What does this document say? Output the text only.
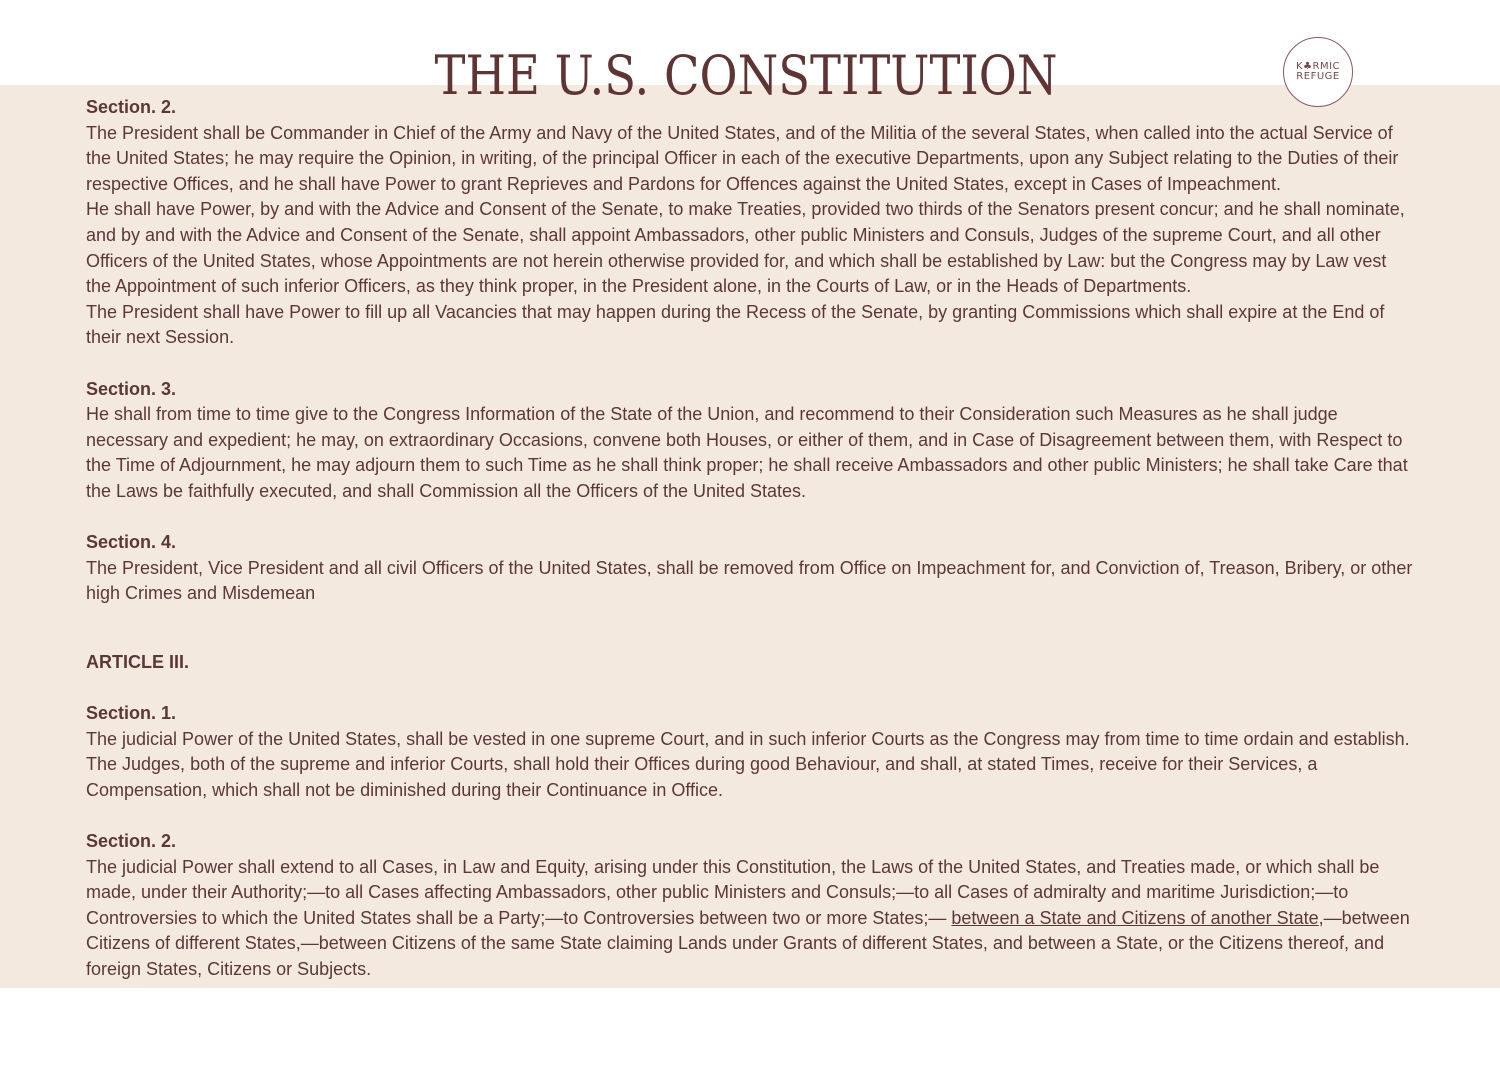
THE U.S. CONSTITUTION	K♣RMIC
REFUGE

Section. 2.

The President shall be Commander in Chief of the Army and Navy of the United States, and of the Militia of the several States, when called into the actual Service of the United States; he may require the Opinion, in writing, of the principal Officer in each of the executive Departments, upon any Subject relating to the Duties of their respective Offices, and he shall have Power to grant Reprieves and Pardons for Offences against the United States, except in Cases of Impeachment.

He shall have Power, by and with the Advice and Consent of the Senate, to make Treaties, provided two thirds of the Senators present concur; and he shall nominate, and by and with the Advice and Consent of the Senate, shall appoint Ambassadors, other public Ministers and Consuls, Judges of the supreme Court, and all other Officers of the United States, whose Appointments are not herein otherwise provided for, and which shall be established by Law: but the Congress may by Law vest the Appointment of such inferior Officers, as they think proper, in the President alone, in the Courts of Law, or in the Heads of Departments.

The President shall have Power to fill up all Vacancies that may happen during the Recess of the Senate, by granting Commissions which shall expire at the End of their next Session.

Section. 3.

He shall from time to time give to the Congress Information of the State of the Union, and recommend to their Consideration such Measures as he shall judge necessary and expedient; he may, on extraordinary Occasions, convene both Houses, or either of them, and in Case of Disagreement between them, with Respect to the Time of Adjournment, he may adjourn them to such Time as he shall think proper; he shall receive Ambassadors and other public Ministers; he shall take Care that the Laws be faithfully executed, and shall Commission all the Officers of the United States.

Section. 4.

The President, Vice President and all civil Officers of the United States, shall be removed from Office on Impeachment for, and Conviction of, Treason, Bribery, or other high Crimes and Misdemean

ARTICLE III.

Section. 1.

The judicial Power of the United States, shall be vested in one supreme Court, and in such inferior Courts as the Congress may from time to time ordain and establish. The Judges, both of the supreme and inferior Courts, shall hold their Offices during good Behaviour, and shall, at stated Times, receive for their Services, a Compensation, which shall not be diminished during their Continuance in Office.

Section. 2.

The judicial Power shall extend to all Cases, in Law and Equity, arising under this Constitution, the Laws of the United States, and Treaties made, or which shall be made, under their Authority;—to all Cases affecting Ambassadors, other public Ministers and Consuls;—to all Cases of admiralty and maritime Jurisdiction;—to Controversies to which the United States shall be a Party;—to Controversies between two or more States;— between a State and Citizens of another State,—between Citizens of different States,—between Citizens of the same State claiming Lands under Grants of different States, and between a State, or the Citizens thereof, and foreign States, Citizens or Subjects.
